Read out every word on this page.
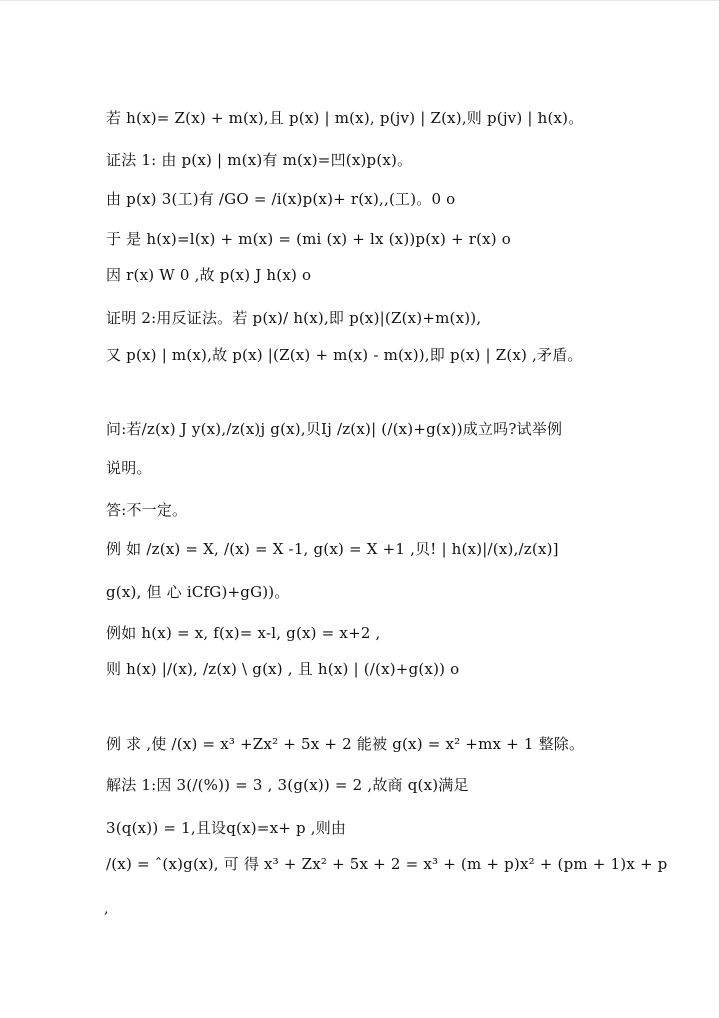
若 h(x)= Z(x) + m(x),且 p(x) | m(x), p(jv) | Z(x),则 p(jv) | h(x)。
证法 1: 由 p(x) | m(x)有 m(x)=凹(x)p(x)。
由 p(x) 3(工)有 /GO = /i(x)p(x)+ r(x),,(工)。0 o
于 是 h(x)=l(x) + m(x) = (mi (x) + lx (x))p(x) + r(x) o
因 r(x) W 0 ,故 p(x) J h(x) o
证明 2:用反证法。若 p(x)/ h(x),即 p(x)|(Z(x)+m(x)),
又 p(x) | m(x),故 p(x) |(Z(x) + m(x) - m(x)),即 p(x) | Z(x) ,矛盾。
问:若/z(x) J y(x),/z(x)j g(x),贝Ij /z(x)| (/(x)+g(x))成立吗?试举例
说明。
答:不一定。
例 如 /z(x) = X, /(x) = X -1, g(x) = X +1 ,贝! | h(x)|/(x),/z(x)]
g(x), 但 心 iCfG)+gG))。
例如 h(x) = x, f(x)= x-l, g(x) = x+2 ,
则 h(x) |/(x), /z(x) \ g(x) , 且 h(x) | (/(x)+g(x)) o
例 求 ,使 /(x) = x³ +Zx² + 5x + 2 能被 g(x) = x² +mx + 1 整除。
解法 1:因 3(/(%)) = 3 , 3(g(x)) = 2 ,故商 q(x)满足
3(q(x)) = 1,且设q(x)=x+ p ,则由
/(x) = ˆ(x)g(x), 可 得 x³ + Zx² + 5x + 2 = x³ + (m + p)x² + (pm + 1)x + p
,
